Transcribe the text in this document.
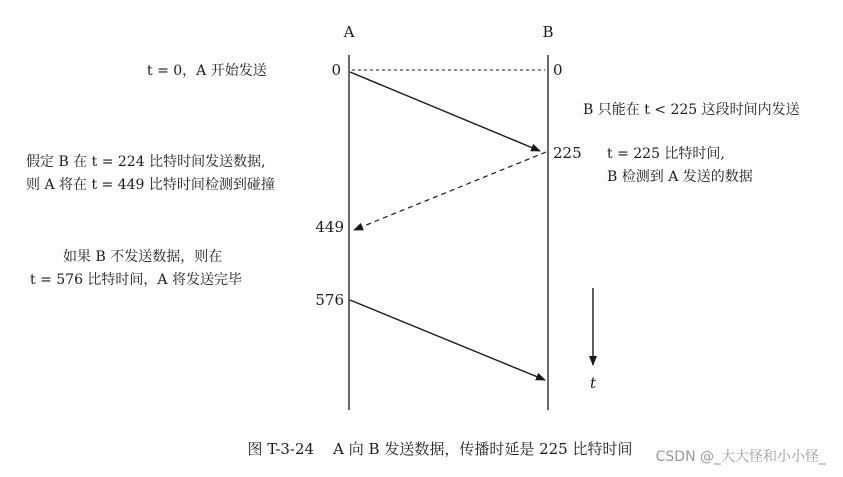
A	B
t
0	0
225
449
576
t = 0，A 开始发送
B 只能在 t < 225 这段时间内发送
t = 225 比特时间,
B 检测到 A 发送的数据
假定 B 在 t = 224 比特时间发送数据,
则 A 将在 t = 449 比特时间检测到碰撞
如果 B 不发送数据，则在
t = 576 比特时间，A 将发送完毕
图 T-3-24    A 向 B 发送数据，传播时延是 225 比特时间 CSDN @_大大怪和小小怪_
